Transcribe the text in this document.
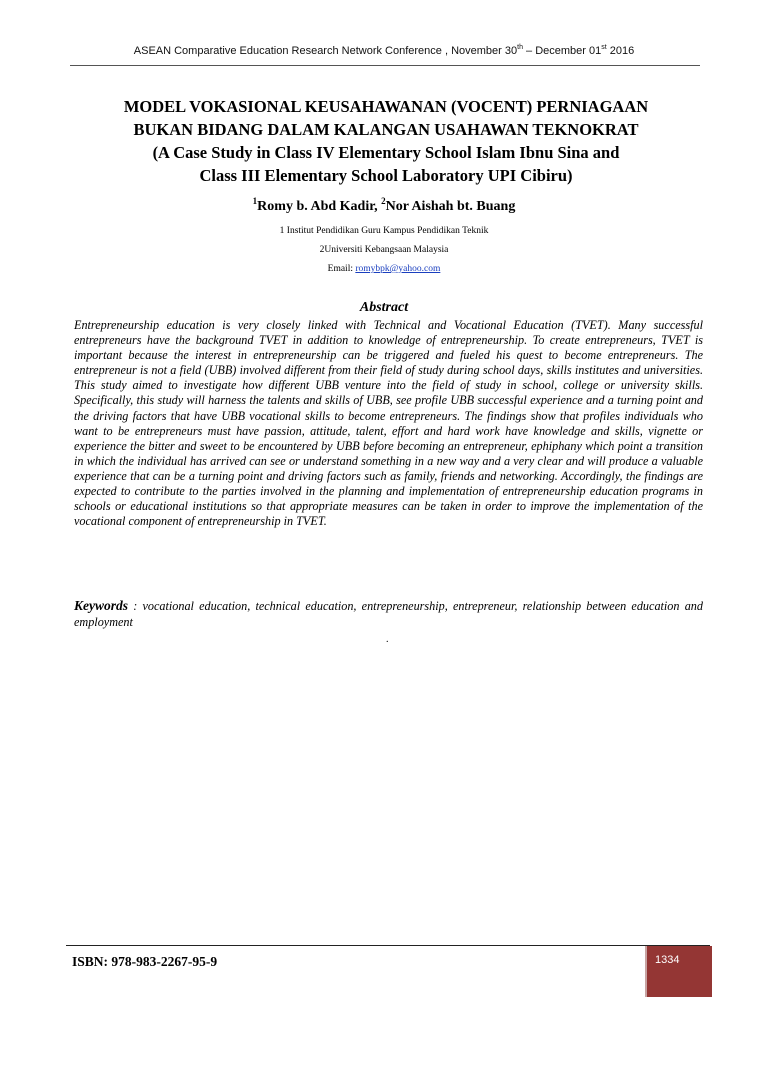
ASEAN Comparative Education Research Network Conference , November 30th – December 01st 2016
MODEL VOKASIONAL KEUSAHAWANAN (VOCENT) PERNIAGAAN
BUKAN BIDANG DALAM KALANGAN USAHAWAN TEKNOKRAT
(A Case Study in Class IV Elementary School Islam Ibnu Sina and
Class III Elementary School Laboratory UPI Cibiru)
$^1$Romy b. Abd Kadir, $^2$Nor Aishah bt. Buang
1 Institut Pendidikan Guru Kampus Pendidikan Teknik
2Universiti Kebangsaan Malaysia
Email: romybpk@yahoo.com
Abstract
Entrepreneurship education is very closely linked with Technical and Vocational Education (TVET). Many successful entrepreneurs have the background TVET in addition to knowledge of entrepreneurship. To create entrepreneurs, TVET is important because the interest in entrepreneurship can be triggered and fueled his quest to become entrepreneurs. The entrepreneur is not a field (UBB) involved different from their field of study during school days, skills institutes and universities. This study aimed to investigate how different UBB venture into the field of study in school, college or university skills. Specifically, this study will harness the talents and skills of UBB, see profile UBB successful experience and a turning point and the driving factors that have UBB vocational skills to become entrepreneurs. The findings show that profiles individuals who want to be entrepreneurs must have passion, attitude, talent, effort and hard work have knowledge and skills, vignette or experience the bitter and sweet to be encountered by UBB before becoming an entrepreneur, ephiphany which point a transition in which the individual has arrived can see or understand something in a new way and a very clear and will produce a valuable experience that can be a turning point and driving factors such as family, friends and networking. Accordingly, the findings are expected to contribute to the parties involved in the planning and implementation of entrepreneurship education programs in schools or educational institutions so that appropriate measures can be taken in order to improve the implementation of the vocational component of entrepreneurship in TVET.
Keywords : vocational education, technical education, entrepreneurship, entrepreneur, relationship between education and employment
.
ISBN: 978-983-2267-95-9	1334
